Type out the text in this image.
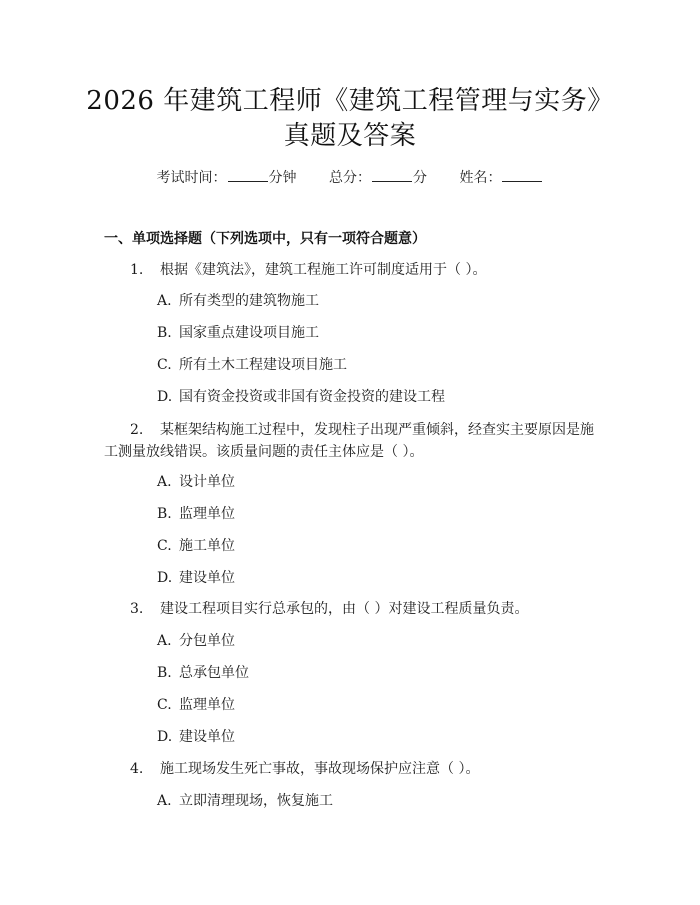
2026 年建筑工程师《建筑工程管理与实务》
真题及答案
考试时间：	分钟 总分：	分 姓名：
一、单项选择题（下列选项中，只有一项符合题意）
1. 根据《建筑法》，建筑工程施工许可制度适用于（ ）。
A. 所有类型的建筑物施工
B. 国家重点建设项目施工
C. 所有土木工程建设项目施工
D. 国有资金投资或非国有资金投资的建设工程
2. 某框架结构施工过程中，发现柱子出现严重倾斜，经查实主要原因是施工测量放线错误。该质量问题的责任主体应是（ ）。
A. 设计单位
B. 监理单位
C. 施工单位
D. 建设单位
3. 建设工程项目实行总承包的，由（ ）对建设工程质量负责。
A. 分包单位
B. 总承包单位
C. 监理单位
D. 建设单位
4. 施工现场发生死亡事故，事故现场保护应注意（ ）。
A. 立即清理现场，恢复施工
